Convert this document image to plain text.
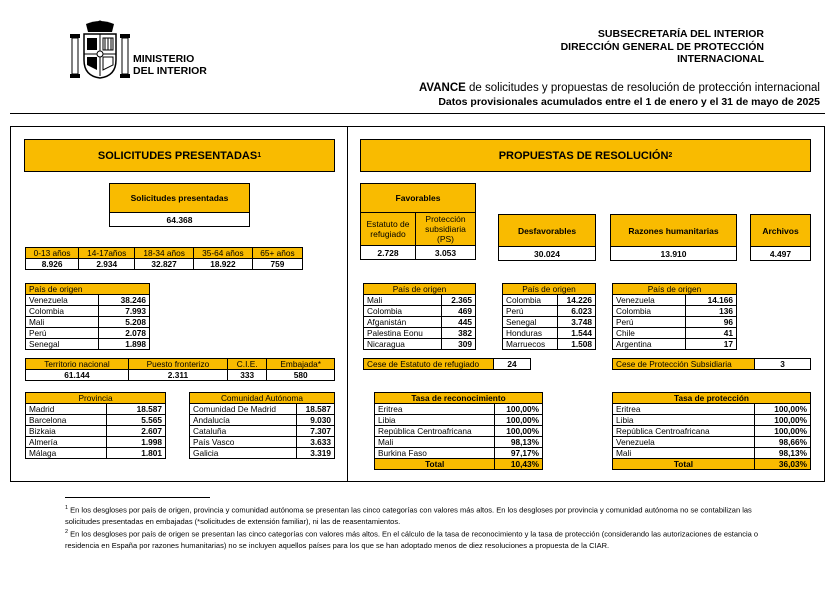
MINISTERIO
DEL INTERIOR
SUBSECRETARÍA DEL INTERIOR
DIRECCIÓN GENERAL DE PROTECCIÓN
INTERNACIONAL
AVANCE de solicitudes y propuestas de resolución de protección internacional
Datos provisionales acumulados entre el 1 de enero y el 31 de mayo de 2025
SOLICITUDES PRESENTADAS 1
Solicitudes presentadas
64.368
0-13 años	14-17años	18-34 años	35-64 años	65+ años
8.926	2.934	32.827	18.922	759
País de origen	
Venezuela	38.246
Colombia	7.993
Mali	5.208
Perú	2.078
Senegal	1.898
Territorio nacional	Puesto fronterizo	C.I.E.	Embajada*
61.144	2.311	333	580
Provincia	
Madrid	18.587
Barcelona	5.565
Bizkaia	2.607
Almería	1.998
Málaga	1.801
Comunidad Autónoma	
Comunidad De Madrid	18.587
Andalucía	9.030
Cataluña	7.307
País Vasco	3.633
Galicia	3.319
PROPUESTAS DE RESOLUCIÓN 2
Favorables
Estatuto de refugiado
Protección subsidiaria (PS)
2.728	3.053
Desfavorables
30.024
Razones humanitarias
13.910
Archivos
4.497
País de origen	
Mali	2.365
Colombia	469
Afganistán	445
Palestina Eonu	382
Nicaragua	309
País de origen	
Colombia	14.226
Perú	6.023
Senegal	3.748
Honduras	1.544
Marruecos	1.508
País de origen	
Venezuela	14.166
Colombia	136
Perú	96
Chile	41
Argentina	17
Cese de Estatuto de refugiado	24	Cese de Protección Subsidiaria	3
Tasa de reconocimiento	
Eritrea	100,00%
Libia	100,00%
República Centroafricana	100,00%
Mali	98,13%
Burkina Faso	97,17%
Total	10,43%
Tasa de protección	
Eritrea	100,00%
Libia	100,00%
República Centroafricana	100,00%
Venezuela	98,66%
Mali	98,13%
Total	36,03%
$^1$ En los desgloses por país de origen, provincia y comunidad autónoma se presentan las cinco categorías con valores más altos. En los desgloses por provincia y comunidad autónoma no se contabilizan las solicitudes presentadas en embajadas (*solicitudes de extensión familiar), ni las de reasentamientos.
$^2$ En los desgloses por país de origen se presentan las cinco categorías con valores más altos. En el cálculo de la tasa de reconocimiento y la tasa de protección (considerando las autorizaciones de estancia o residencia en España por razones humanitarias) no se incluyen aquellos países para los que se han adoptado menos de diez resoluciones a propuesta de la CIAR.
